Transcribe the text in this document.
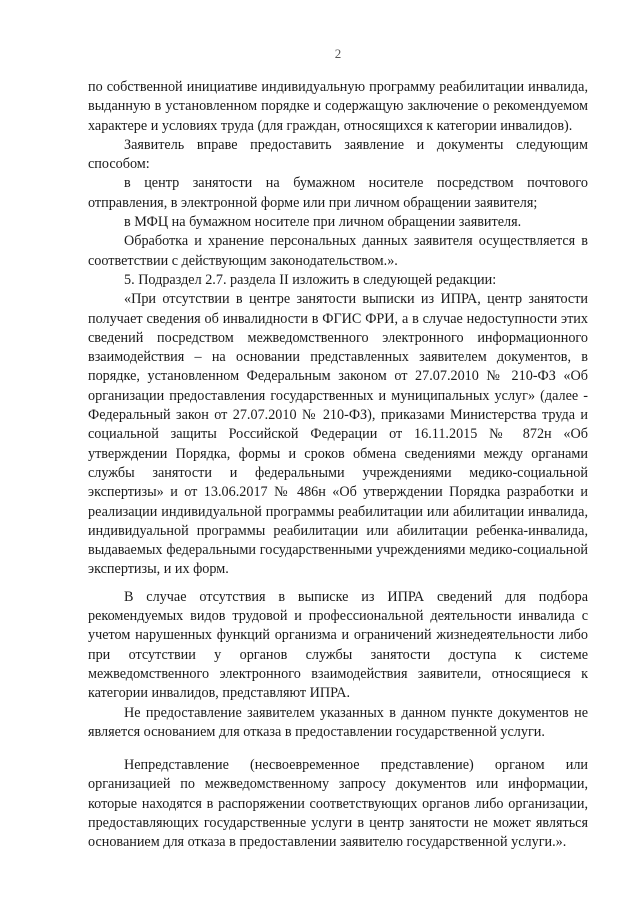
2

по собственной инициативе индивидуальную программу реабилитации инвалида, выданную в установленном порядке и содержащую заключение о рекомендуемом характере и условиях труда (для граждан, относящихся к категории инвалидов).

Заявитель вправе предоставить заявление и документы следующим способом:

в центр занятости на бумажном носителе посредством почтового отправления, в электронной форме или при личном обращении заявителя;

в МФЦ на бумажном носителе при личном обращении заявителя.

Обработка и хранение персональных данных заявителя осуществляется в соответствии с действующим законодательством.».

5. Подраздел 2.7. раздела II изложить в следующей редакции:

«При отсутствии в центре занятости выписки из ИПРА, центр занятости получает сведения об инвалидности в ФГИС ФРИ, а в случае недоступности этих сведений посредством межведомственного электронного информационного взаимодействия – на основании представленных заявителем документов, в порядке, установленном Федеральным законом от 27.07.2010 № 210-ФЗ «Об организации предоставления государственных и муниципальных услуг» (далее - Федеральный закон от 27.07.2010 № 210-ФЗ), приказами Министерства труда и социальной защиты Российской Федерации от 16.11.2015 № 872н «Об утверждении Порядка, формы и сроков обмена сведениями между органами службы занятости и федеральными учреждениями медико-социальной экспертизы» и от 13.06.2017 № 486н «Об утверждении Порядка разработки и реализации индивидуальной программы реабилитации или абилитации инвалида, индивидуальной программы реабилитации или абилитации ребенка-инвалида, выдаваемых федеральными государственными учреждениями медико-социальной экспертизы, и их форм.

В случае отсутствия в выписке из ИПРА сведений для подбора рекомендуемых видов трудовой и профессиональной деятельности инвалида с учетом нарушенных функций организма и ограничений жизнедеятельности либо при отсутствии у органов службы занятости доступа к системе межведомственного электронного взаимодействия заявители, относящиеся к категории инвалидов, представляют ИПРА.

Не предоставление заявителем указанных в данном пункте документов не является основанием для отказа в предоставлении государственной услуги.

Непредставление (несвоевременное представление) органом или организацией по межведомственному запросу документов или информации, которые находятся в распоряжении соответствующих органов либо организации, предоставляющих государственные услуги в центр занятости не может являться основанием для отказа в предоставлении заявителю государственной услуги.».
